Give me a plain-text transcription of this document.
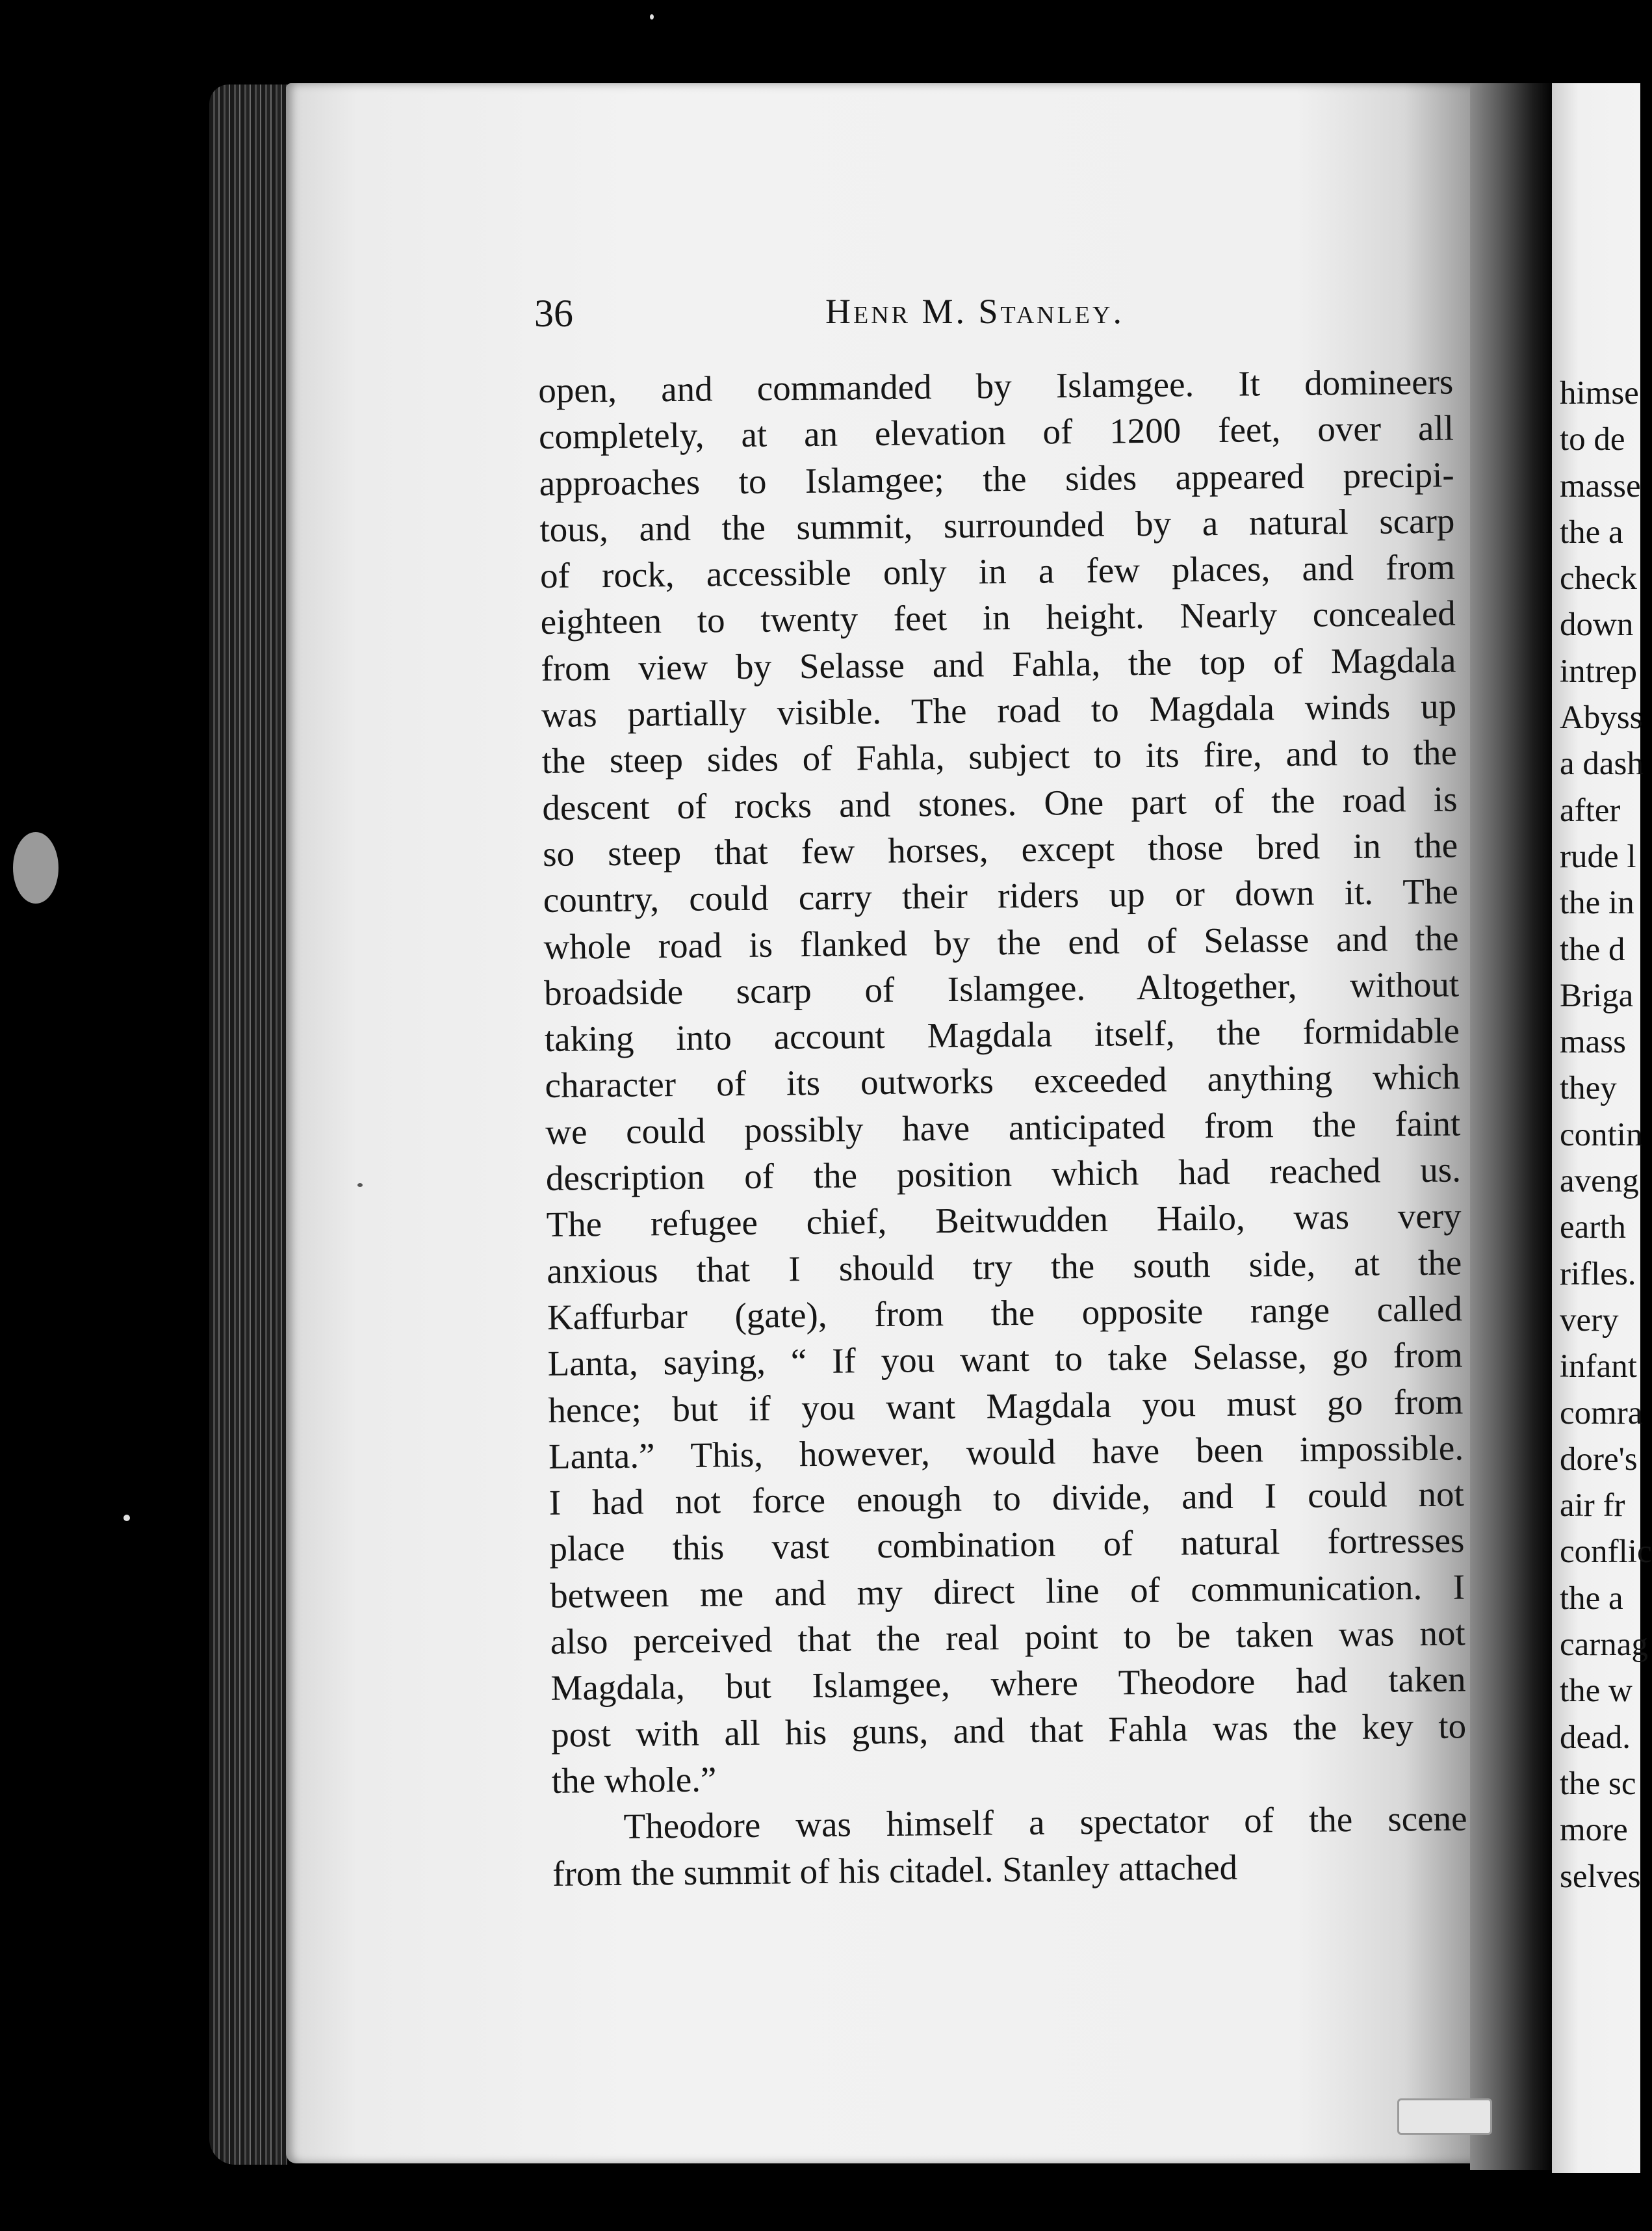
36	Henr M. Stanley.
open, and commanded by Islamgee. It domineers
completely, at an elevation of 1200 feet, over all
approaches to Islamgee; the sides appeared precipi-
tous, and the summit, surrounded by a natural scarp
of rock, accessible only in a few places, and from
eighteen to twenty feet in height. Nearly concealed
from view by Selasse and Fahla, the top of Magdala
was partially visible. The road to Magdala winds up
the steep sides of Fahla, subject to its fire, and to the
descent of rocks and stones. One part of the road is
so steep that few horses, except those bred in the
country, could carry their riders up or down it. The
whole road is flanked by the end of Selasse and the
broadside scarp of Islamgee. Altogether, without
taking into account Magdala itself, the formidable
character of its outworks exceeded anything which
we could possibly have anticipated from the faint
description of the position which had reached us.
The refugee chief, Beitwudden Hailo, was very
anxious that I should try the south side, at the
Kaffurbar (gate), from the opposite range called
Lanta, saying, “ If you want to take Selasse, go from
hence; but if you want Magdala you must go from
Lanta.” This, however, would have been impossible.
I had not force enough to divide, and I could not
place this vast combination of natural fortresses
between me and my direct line of communication. I
also perceived that the real point to be taken was not
Magdala, but Islamgee, where Theodore had taken
post with all his guns, and that Fahla was the key to
the whole.”
Theodore was himself a spectator of the scene
from the summit of his citadel. Stanley attached
himse
to de
masse
the a
check
down
intrep
Abyss
a dash
after
rude l
the in
the d
Briga
mass
they
contin
aveng
earth
rifles.
very
infant
comra
dore's
air fr
conflic
the a
carnag
the w
dead.
the sc
more
selves
